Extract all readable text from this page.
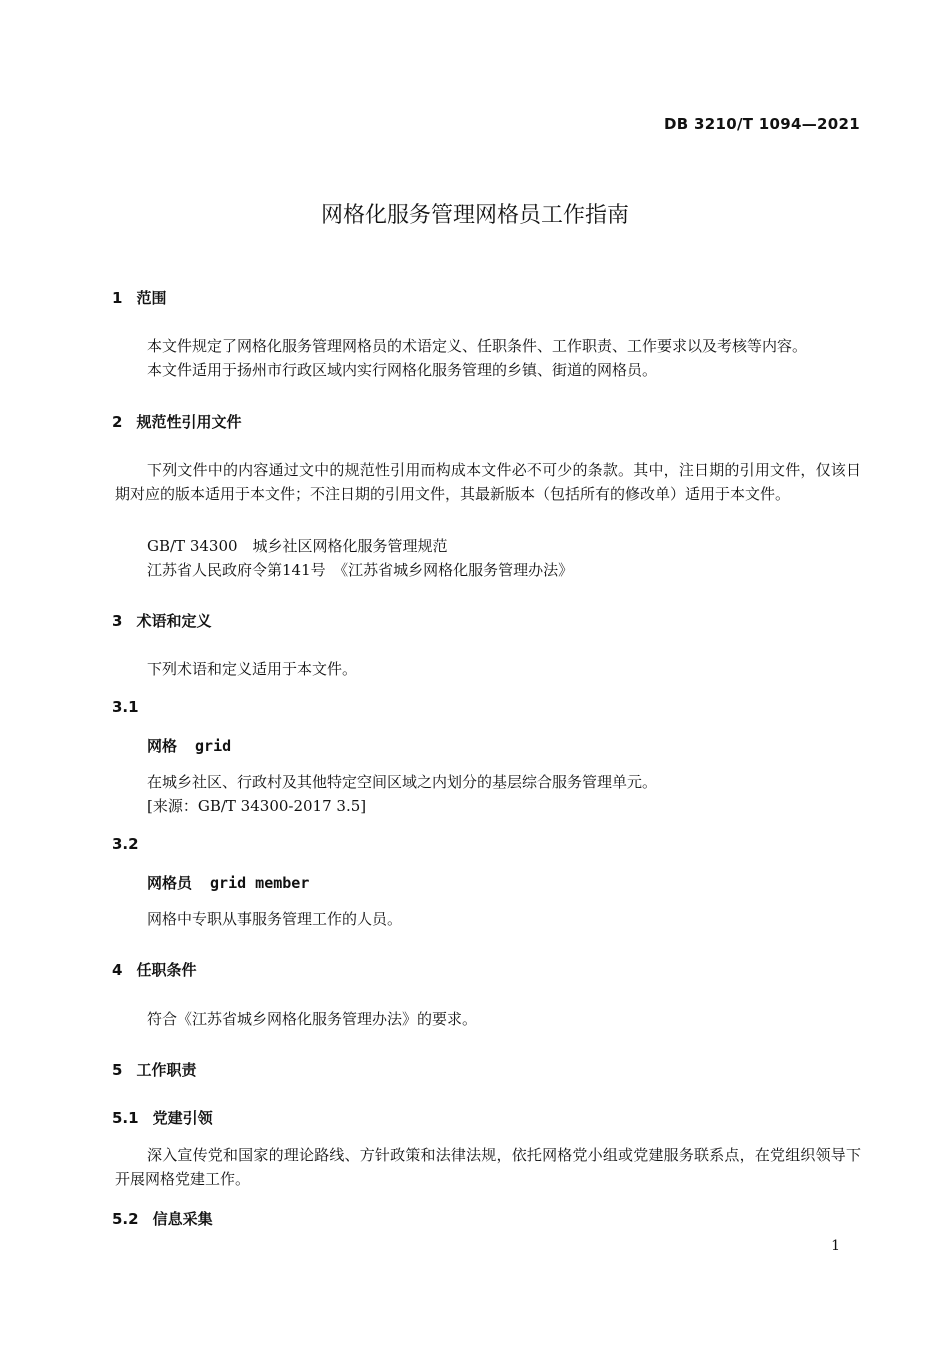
DB 3210/T 1094—2021
网格化服务管理网格员工作指南
1 范围
本文件规定了网格化服务管理网格员的术语定义、任职条件、工作职责、工作要求以及考核等内容。
本文件适用于扬州市行政区域内实行网格化服务管理的乡镇、街道的网格员。
2 规范性引用文件
下列文件中的内容通过文中的规范性引用而构成本文件必不可少的条款。其中，注日期的引用文件，仅该日期对应的版本适用于本文件；不注日期的引用文件，其最新版本（包括所有的修改单）适用于本文件。
GB/T 34300　城乡社区网格化服务管理规范
江苏省人民政府令第141号　《江苏省城乡网格化服务管理办法》
3 术语和定义
下列术语和定义适用于本文件。
3.1
网格 grid
在城乡社区、行政村及其他特定空间区域之内划分的基层综合服务管理单元。
[来源：GB/T 34300-2017 3.5]
3.2
网格员 grid member
网格中专职从事服务管理工作的人员。
4 任职条件
符合《江苏省城乡网格化服务管理办法》的要求。
5 工作职责
5.1 党建引领
深入宣传党和国家的理论路线、方针政策和法律法规，依托网格党小组或党建服务联系点，在党组织领导下开展网格党建工作。
5.2 信息采集
1
